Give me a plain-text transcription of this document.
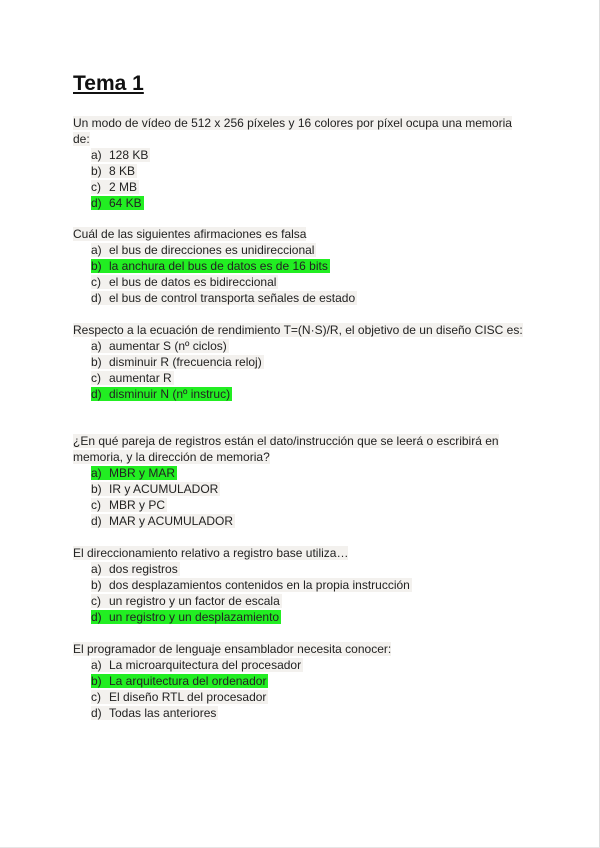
Tema 1

Un modo de vídeo de 512 x 256 píxeles y 16 colores por píxel ocupa una memoria de:

a) 128 KB
b) 8 KB
c) 2 MB
d) 64 KB

Cuál de las siguientes afirmaciones es falsa

a) el bus de direcciones es unidireccional
b) la anchura del bus de datos es de 16 bits
c) el bus de datos es bidireccional
d) el bus de control transporta señales de estado

Respecto a la ecuación de rendimiento T=(N·S)/R, el objetivo de un diseño CISC es:

a) aumentar S (nº ciclos)
b) disminuir R (frecuencia reloj)
c) aumentar R
d) disminuir N (nº instruc)

¿En qué pareja de registros están el dato/instrucción que se leerá o escribirá en memoria, y la dirección de memoria?

a) MBR y MAR
b) IR y ACUMULADOR
c) MBR y PC
d) MAR y ACUMULADOR

El direccionamiento relativo a registro base utiliza…

a) dos registros
b) dos desplazamientos contenidos en la propia instrucción
c) un registro y un factor de escala
d) un registro y un desplazamiento

El programador de lenguaje ensamblador necesita conocer:

a) La microarquitectura del procesador
b) La arquitectura del ordenador
c) El diseño RTL del procesador
d) Todas las anteriores
